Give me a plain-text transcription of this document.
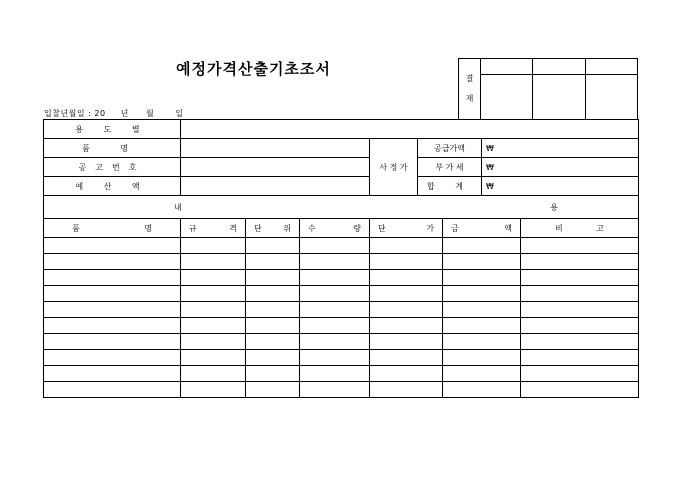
예정가격산출기초조서
입찰년월일 : 20 년 월	일
결
재			

용 도 별								
품 명				사 정 가	공급가액		₩	
공고번호					부 가 세		₩	
예 산 액					합 계		₩	

내 용								

품 명	규 격	단 위	수 량	단 가		금 액		비 고
